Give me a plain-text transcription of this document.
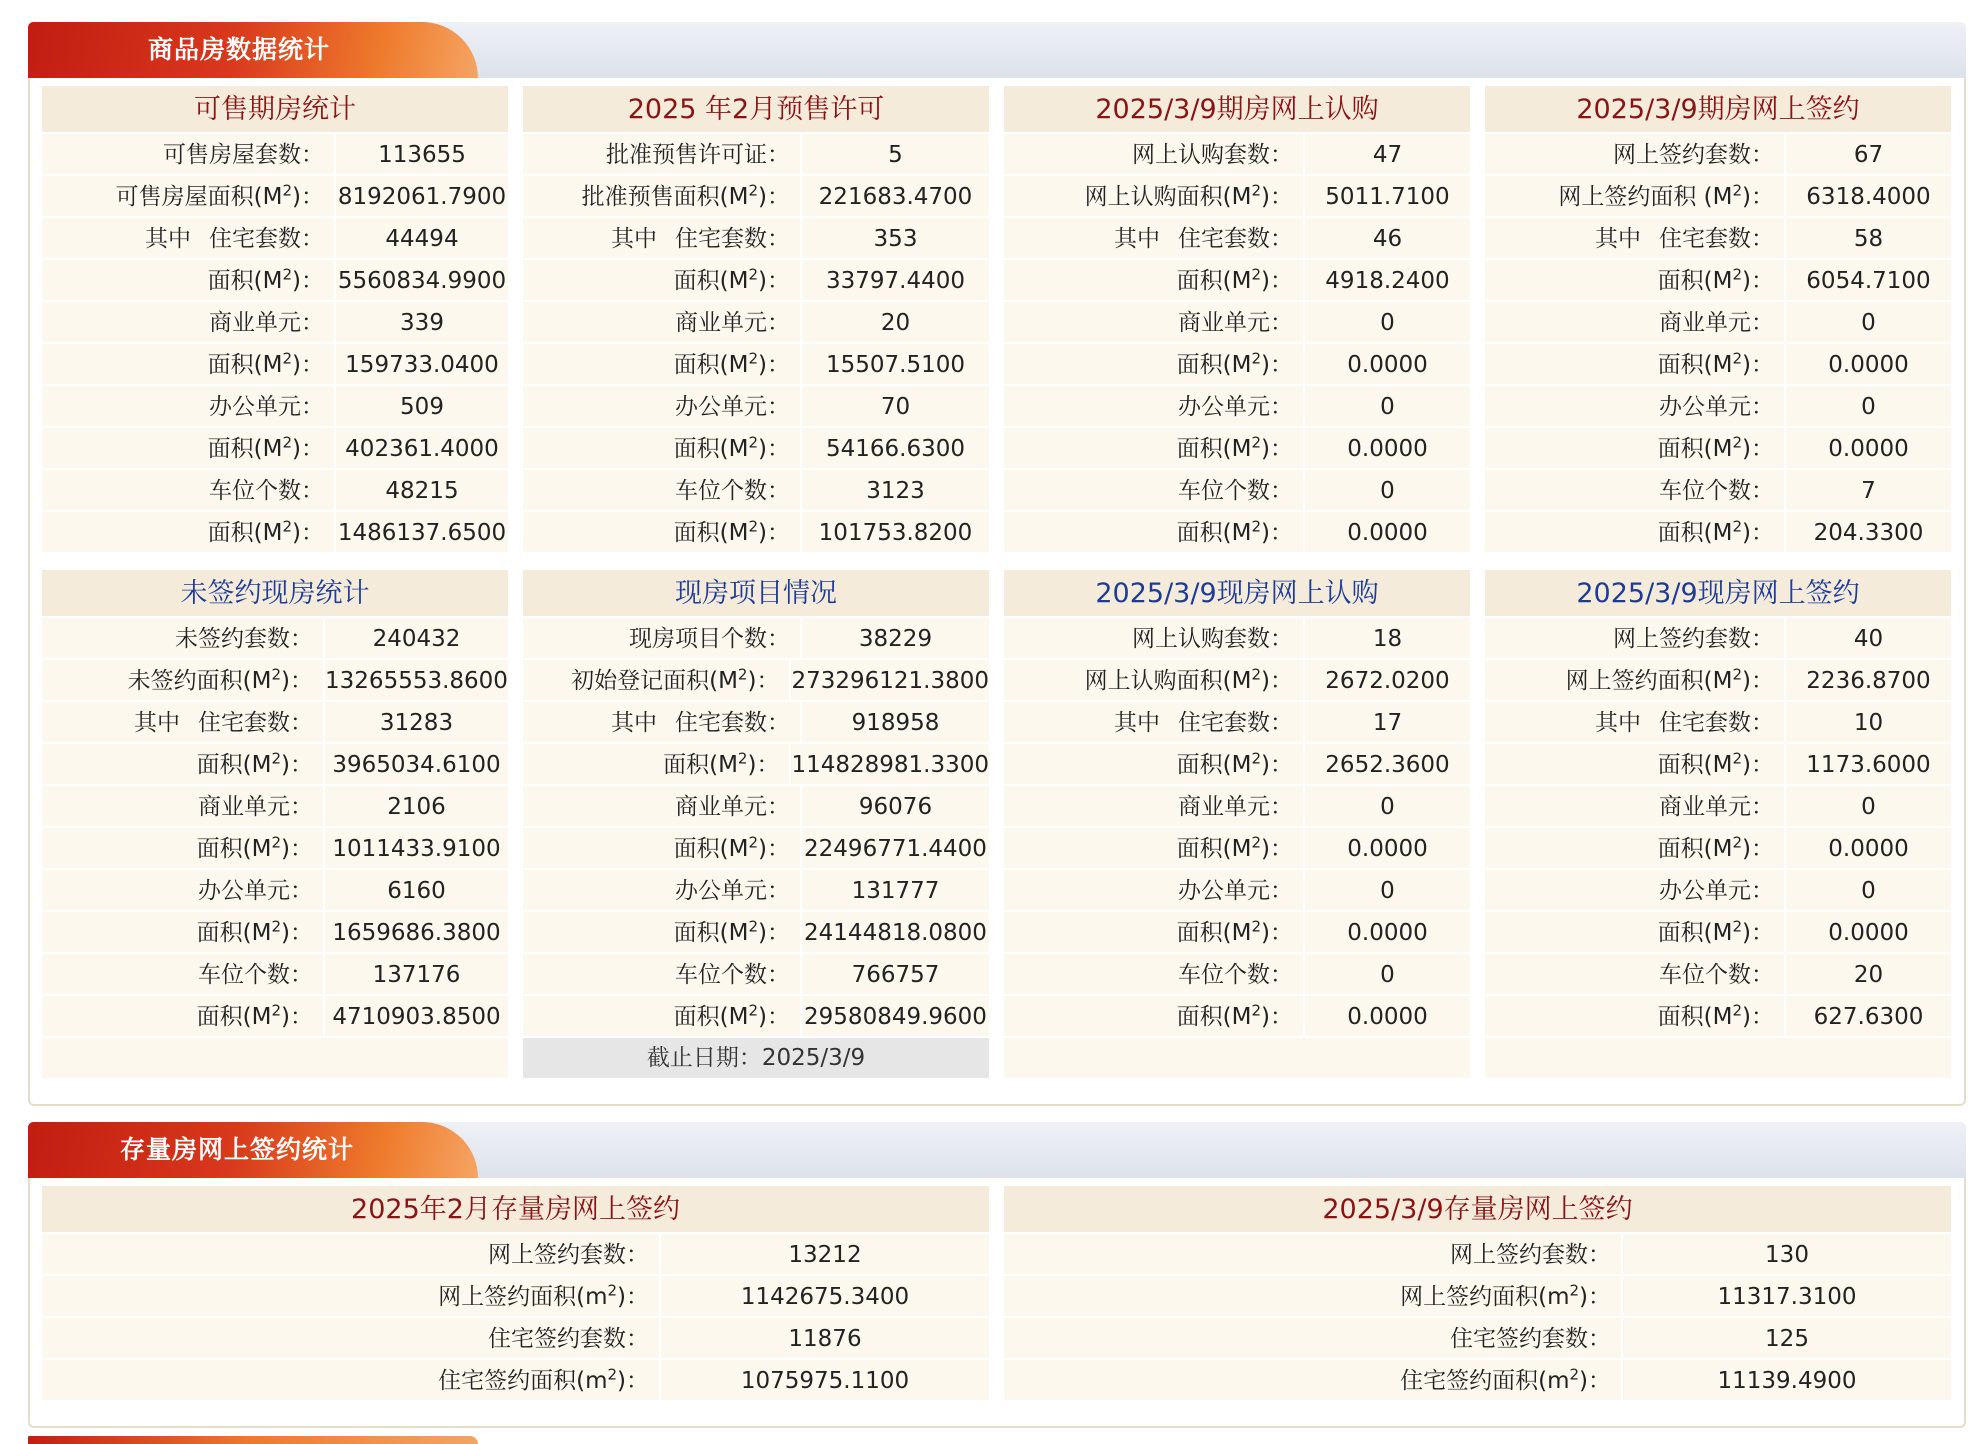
商品房数据统计
可售期房统计
可售房屋套数：	113655
可售房屋面积$(M^2)$： 8192061.7900
其中 住宅套数：	44494
面积$(M^2)$： 5560834.9900
商业单元：	339
面积$(M^2)$： 159733.0400
办公单元：	509
面积$(M^2)$： 402361.4000
车位个数：	48215
面积$(M^2)$： 1486137.6500
2025 年2月预售许可
批准预售许可证：	5
批准预售面积$(M^2)$：	221683.4700
其中 住宅套数：	353
面积$(M^2)$：	33797.4400
商业单元：	20
面积$(M^2)$：	15507.5100
办公单元：	70
面积$(M^2)$：	54166.6300
车位个数：	3123
面积$(M^2)$：	101753.8200
2025/3/9期房网上认购
网上认购套数：	47
网上认购面积$(M^2)$：	5011.7100
其中 住宅套数：	46
面积$(M^2)$：	4918.2400
商业单元：	0
面积$(M^2)$：	0.0000
办公单元：	0
面积$(M^2)$：	0.0000
车位个数：	0
面积$(M^2)$：	0.0000
2025/3/9期房网上签约
网上签约套数：	67
网上签约面积 $(M^2)$：	6318.4000
其中 住宅套数：	58
面积$(M^2)$：	6054.7100
商业单元：	0
面积$(M^2)$：	0.0000
办公单元：	0
面积$(M^2)$：	0.0000
车位个数：	7
面积$(M^2)$：	204.3300
未签约现房统计
未签约套数：	240432
未签约面积$(M^2)$： 13265553.8600
其中 住宅套数：	31283
面积$(M^2)$： 3965034.6100
商业单元：	2106
面积$(M^2)$： 1011433.9100
办公单元：	6160
面积$(M^2)$： 1659686.3800
车位个数：	137176
面积$(M^2)$： 4710903.8500
现房项目情况
现房项目个数：	38229
初始登记面积$(M^2)$： 273296121.3800
其中 住宅套数：	918958
面积$(M^2)$： 114828981.3300
商业单元：	96076
面积$(M^2)$： 22496771.4400
办公单元：	131777
面积$(M^2)$： 24144818.0800
车位个数：	766757
面积$(M^2)$： 29580849.9600
截止日期：2025/3/9
2025/3/9现房网上认购
网上认购套数：	18
网上认购面积$(M^2)$：	2672.0200
其中 住宅套数：	17
面积$(M^2)$：	2652.3600
商业单元：	0
面积$(M^2)$：	0.0000
办公单元：	0
面积$(M^2)$：	0.0000
车位个数：	0
面积$(M^2)$：	0.0000
2025/3/9现房网上签约
网上签约套数：	40
网上签约面积$(M^2)$：	2236.8700
其中 住宅套数：	10
面积$(M^2)$：	1173.6000
商业单元：	0
面积$(M^2)$：	0.0000
办公单元：	0
面积$(M^2)$：	0.0000
车位个数：	20
面积$(M^2)$：	627.6300
存量房网上签约统计
2025年2月存量房网上签约
网上签约套数：	13212
网上签约面积$(m^2)$：	1142675.3400
住宅签约套数：	11876
住宅签约面积$(m^2)$：	1075975.1100
2025/3/9存量房网上签约
网上签约套数：	130
网上签约面积$(m^2)$：	11317.3100
住宅签约套数：	125
住宅签约面积$(m^2)$：	11139.4900
